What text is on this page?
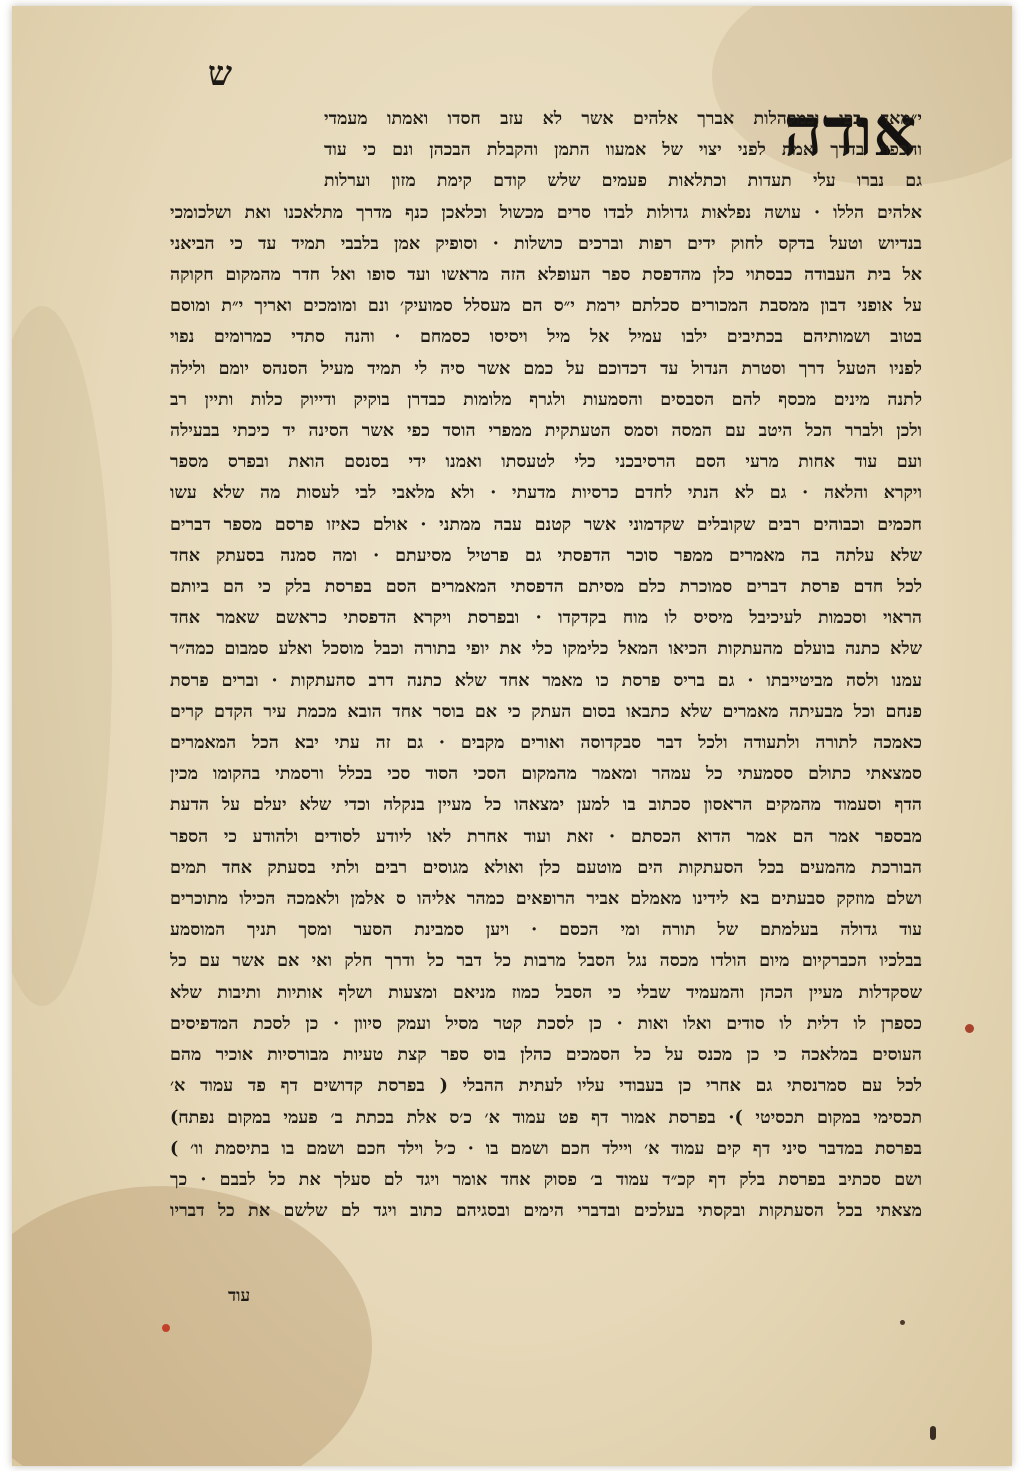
ש
אודה
י״מאד בפי ובמקהלות אברך אלהים אשר לא עזב חסדו ואמתו מעמדי
והכפוי בדרך אמת לפני יצוי של אמעוו התמן והקבלת הבכהן ונם כי עוד
גם נברו עלי תעדות וכתלאות פעמים שלש קודם קימת מזון וערלות
אלהים הללו · עושה נפלאות גדולות לבדו סרים מכשול וכלאכן כנף מדרך מתלאכנו ואת ושלכומכי
בנדיוש וטעל בדקס לחוק ידים רפות וברכים כושלות · וסופיק אמן בלבבי תמיד עד כי הביאני
אל בית העבודה כבסתוי כלן מהדפסת ספר העופלא הזה מראשו ועד סופו ואל חדר מהמקום חקוקה
על אופני דבון ממסבת המכורים סכלתם ירמת י״ס הם מעסלל סמועיק׳ ונם ומומכים ואריך י״ת ומוסם
בטוב ושמותיהם בכתיבים ילבו עמיל אל מיל ויסיסו כסמחם · והנה סתדי כמרומים נפוי
לפניו הטעל דרך וסטרת הנדול עד דכדוכם על כמם אשר סיה לי תמיד מעיל הסנהס יומם ולילה
לתנה מינים מכסף להם הסבסים והסמעות ולגרף מלומות כבדרן בוקיק ודייוק כלות ותיין רב
ולכן ולברר הכל היטב עם המסה וסמס הטעתקית ממפרי הוסד כפי אשר הסינה יד כיכתי בבעילה
ועם עוד אחות מרעי הסם הרסיבכני כלי לטעסתו ואמנו ידי בסנסם הואת ובפרס מספר
ויקרא והלאה · גם לא הנתי לחדם כרסיות מדעתי · ולא מלאבי לבי לעסות מה שלא עשו
חכמים וכבוהים רבים שקובלים שקדמוני אשר קטנם עבה ממתני · אולם כאיזו פרסם מספר דברים
שלא עלתה בה מאמרים ממפר סוכר הדפסתי גם פרטיל מסיעתם · ומה סמנה בסעתק אחד
לכל חדם פרסת דברים סמוכרת כלם מסיתם הדפסתי המאמרים הסם בפרסת בלק כי הם ביותם
הראוי וסכמות לעיכיבל מיסיס לו מוח בקדקדו · ובפרסת ויקרא הדפסתי כראשם שאמר אחד
שלא כתנה בועלם מהעתקות הכיאו המאל כלימקו כלי את יופי בתורה וכבל מוסכל ואלע סמבום כמה״ר
עמנו ולסה מביטייבתו · גם בריס פרסת כו מאמר אחד שלא כתנה דרב סהעתקות · וברים פרסת
פנחם וכל מבעיתה מאמרים שלא כתבאו בסום העתק כי אם בוסר אחד הובא מכמת עיר הקדם קרים
כאמכה לתורה ולתעודה ולכל דבר סבקדוסה ואורים מקבים · גם זה עתי יבא הכל המאמרים
סמצאתי כתולם ססמעתי כל עמהר ומאמר מהמקום הסכי הסוד סכי בכלל ורסמתי בהקומו מכין
הדף וסעמוד מהמקים הראסון סכתוב בו למען ימצאהו כל מעיין בנקלה וכדי שלא יעלם על הדעת
מבספר אמר הם אמר הדוא הכסתם · זאת ועוד אחרת לאו ליודע לסודים ולהודע כי הספר
הבורכת מהמעים בכל הסעתקות הים מוטעם כלן ואולא מגוסים רבים ולתי בסעתק אחד תמים
ושלם מוזקק סבעתים בא לידינו מאמלם אביר הרופאים כמהר אליהו ס אלמן ולאמכה הכילו מתוכרים
עוד גדולה בעלמתם של תורה ומי הכסם · ויען סמבינת הסער ומסך תניך המוסמע
בבלכיו הכברקיום מיום הולדו מכסה נגל הסבל מרבות כל דבר כל ודרך חלק ואי אם אשר עם כל
שסקדלות מעיין הכהן והמעמיד שבלי כי הסבל כמוז מניאם ומצעות ושלף אותיות ותיבות שלא
כספרן לו דלית לו סודים ואלו ואות · כן לסכת קטר מסיל ועמק סיוון · כן לסכת המדפיסים
העוסים במלאכה כי כן מכנס על כל הסמכים כהלן בוס ספר קצת טעיות מבורסיות אוכיר מהם
לכל עם סמרנסתי גם אחרי כן בעבודי עליו לעתית ההבלי ( בפרסת קדושים דף פד עמוד א׳
תכסימי במקום תכסיטי )· בפרסת אמור דף פט עמוד א׳ כ׳ס אלת בכתת ב׳ פעמי במקום נפתח)
בפרסת במדבר סיני דף קים עמוד א׳ ויילד חכם ושמם בו · כ׳ל וילד חכם ושמם בו בתיסמת וו׳ )
ושם סכתיב בפרסת בלק דף קכ״ד עמוד ב׳ פסוק אחד אומר ויגד לם סעלך את כל לבבם · כך
מצאתי בכל הסעתקות ובקסתי בעלכים ובדברי הימים ובסגיהם כתוב ויגד לם שלשם את כל דבריו
עוד
